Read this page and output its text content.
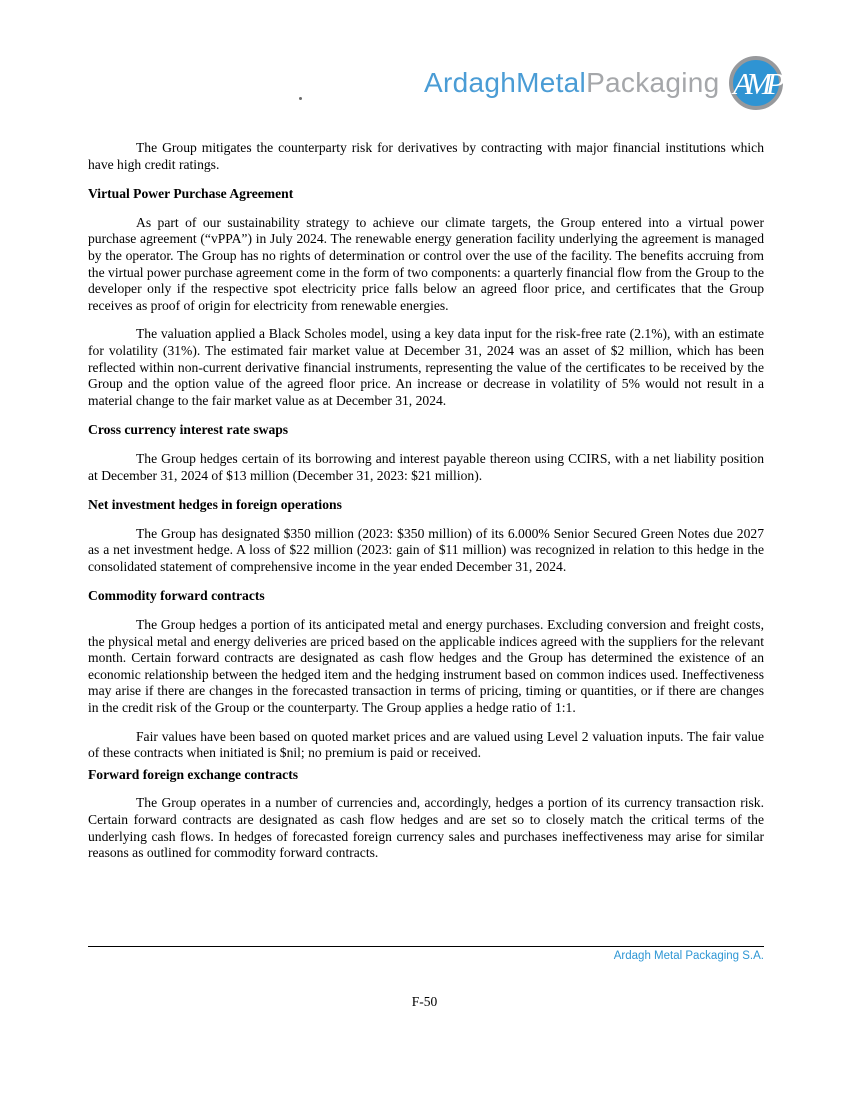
ArdaghMetalPackaging AMP

The Group mitigates the counterparty risk for derivatives by contracting with major financial institutions which have high credit ratings.

Virtual Power Purchase Agreement

As part of our sustainability strategy to achieve our climate targets, the Group entered into a virtual power purchase agreement (“vPPA”) in July 2024. The renewable energy generation facility underlying the agreement is managed by the operator. The Group has no rights of determination or control over the use of the facility. The benefits accruing from the virtual power purchase agreement come in the form of two components: a quarterly financial flow from the Group to the developer only if the respective spot electricity price falls below an agreed floor price, and certificates that the Group receives as proof of origin for electricity from renewable energies.

The valuation applied a Black Scholes model, using a key data input for the risk-free rate (2.1%), with an estimate for volatility (31%). The estimated fair market value at December 31, 2024 was an asset of $2 million, which has been reflected within non-current derivative financial instruments, representing the value of the certificates to be received by the Group and the option value of the agreed floor price. An increase or decrease in volatility of 5% would not result in a material change to the fair market value as at December 31, 2024.

Cross currency interest rate swaps

The Group hedges certain of its borrowing and interest payable thereon using CCIRS, with a net liability position at December 31, 2024 of $13 million (December 31, 2023: $21 million).

Net investment hedges in foreign operations

The Group has designated $350 million (2023: $350 million) of its 6.000% Senior Secured Green Notes due 2027 as a net investment hedge. A loss of $22 million (2023: gain of $11 million) was recognized in relation to this hedge in the consolidated statement of comprehensive income in the year ended December 31, 2024.

Commodity forward contracts

The Group hedges a portion of its anticipated metal and energy purchases. Excluding conversion and freight costs, the physical metal and energy deliveries are priced based on the applicable indices agreed with the suppliers for the relevant month. Certain forward contracts are designated as cash flow hedges and the Group has determined the existence of an economic relationship between the hedged item and the hedging instrument based on common indices used. Ineffectiveness may arise if there are changes in the forecasted transaction in terms of pricing, timing or quantities, or if there are changes in the credit risk of the Group or the counterparty. The Group applies a hedge ratio of 1:1.

Fair values have been based on quoted market prices and are valued using Level 2 valuation inputs. The fair value of these contracts when initiated is $nil; no premium is paid or received.

Forward foreign exchange contracts

The Group operates in a number of currencies and, accordingly, hedges a portion of its currency transaction risk. Certain forward contracts are designated as cash flow hedges and are set so to closely match the critical terms of the underlying cash flows. In hedges of forecasted foreign currency sales and purchases ineffectiveness may arise for similar reasons as outlined for commodity forward contracts.

Ardagh Metal Packaging S.A.
F-50
